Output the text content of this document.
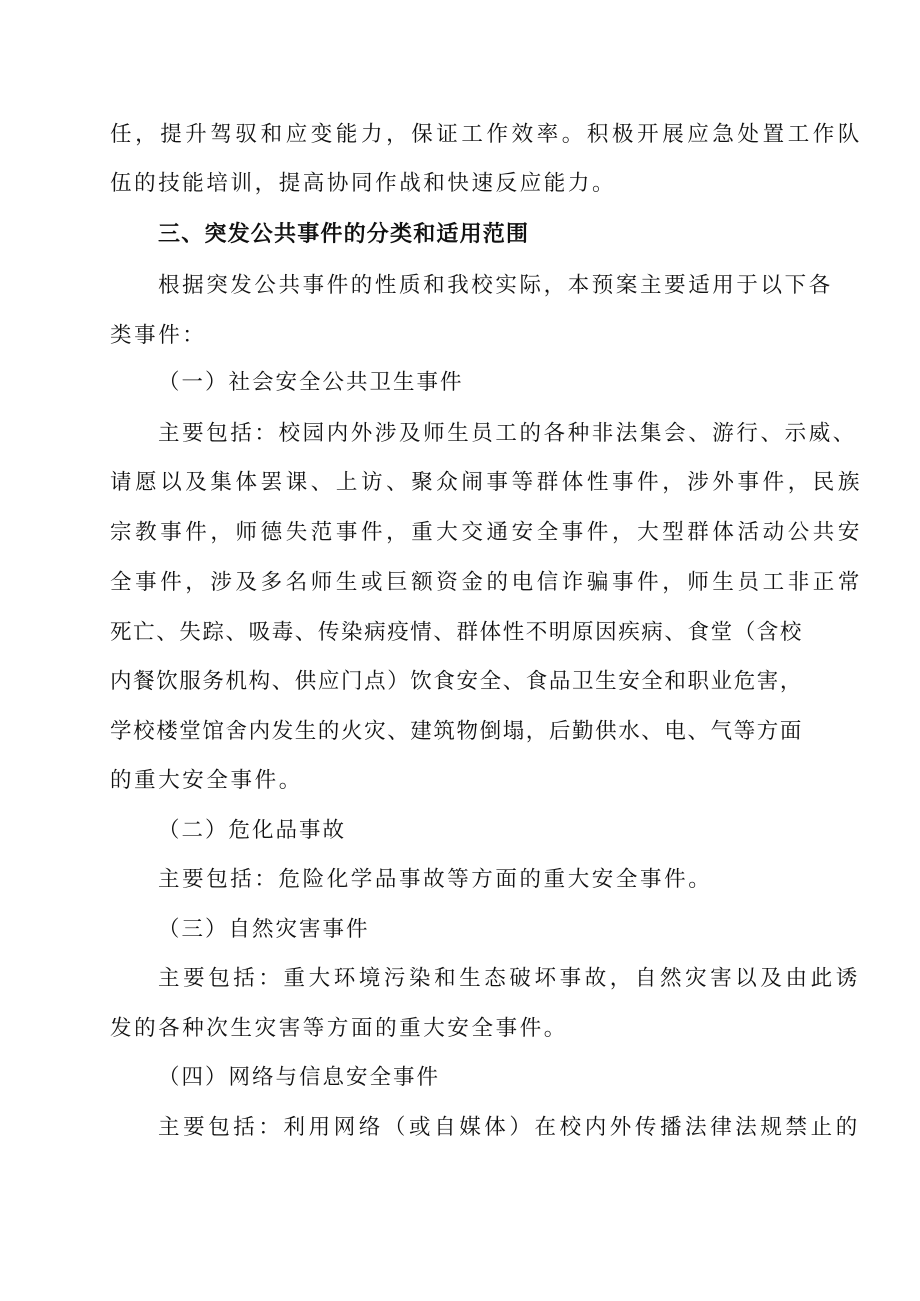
任，提升驾驭和应变能力，保证工作效率。积极开展应急处置工作队
伍的技能培训，提高协同作战和快速反应能力。
三、突发公共事件的分类和适用范围
根据突发公共事件的性质和我校实际，本预案主要适用于以下各
类事件：
（一）社会安全公共卫生事件
主要包括：校园内外涉及师生员工的各种非法集会、游行、示威、
请愿以及集体罢课、上访、聚众闹事等群体性事件，涉外事件，民族
宗教事件，师德失范事件，重大交通安全事件，大型群体活动公共安
全事件，涉及多名师生或巨额资金的电信诈骗事件，师生员工非正常
死亡、失踪、吸毒、传染病疫情、群体性不明原因疾病、食堂（含校
内餐饮服务机构、供应门点）饮食安全、食品卫生安全和职业危害，
学校楼堂馆舍内发生的火灾、建筑物倒塌，后勤供水、电、气等方面
的重大安全事件。
（二）危化品事故
主要包括：危险化学品事故等方面的重大安全事件。
（三）自然灾害事件
主要包括：重大环境污染和生态破坏事故，自然灾害以及由此诱
发的各种次生灾害等方面的重大安全事件。
（四）网络与信息安全事件
主要包括：利用网络（或自媒体）在校内外传播法律法规禁止的
